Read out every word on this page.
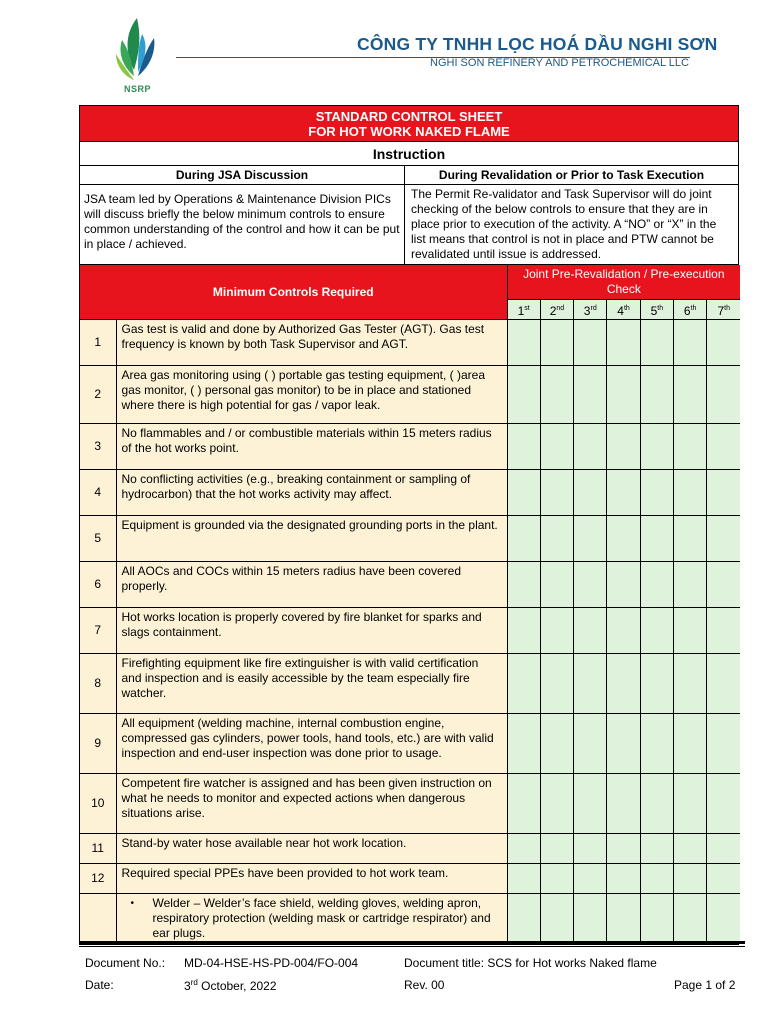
NSRP
CÔNG TY TNHH LỌC HOÁ DẦU NGHI SƠN
NGHI SON REFINERY AND PETROCHEMICAL LLC
STANDARD CONTROL SHEET
FOR HOT WORK NAKED FLAME
Instruction
During JSA Discussion	During Revalidation or Prior to Task Execution
JSA team led by Operations & Maintenance Division PICs will discuss briefly the below minimum controls to ensure common understanding of the control and how it can be put in place / achieved.
The Permit Re-validator and Task Supervisor will do joint checking of the below controls to ensure that they are in place prior to execution of the activity. A “NO” or “X” in the list means that control is not in place and PTW cannot be revalidated until issue is addressed.
Minimum Controls Required		Joint Pre-Revalidation / Pre-execution Check						
		1st	2nd	3rd	4th	5th	6th	7th
1	Gas test is valid and done by Authorized Gas Tester (AGT). Gas test frequency is known by both Task Supervisor and AGT.							
2	Area gas monitoring using ( ) portable gas testing equipment, ( )area gas monitor, ( ) personal gas monitor) to be in place and stationed where there is high potential for gas / vapor leak.							
3	No flammables and / or combustible materials within 15 meters radius of the hot works point.							
4	No conflicting activities (e.g., breaking containment or sampling of hydrocarbon) that the hot works activity may affect.							
5	Equipment is grounded via the designated grounding ports in the plant.							
6	All AOCs and COCs within 15 meters radius have been covered properly.							
7	Hot works location is properly covered by fire blanket for sparks and slags containment.							
8	Firefighting equipment like fire extinguisher is with valid certification and inspection and is easily accessible by the team especially fire watcher.							
9	All equipment (welding machine, internal combustion engine, compressed gas cylinders, power tools, hand tools, etc.) are with valid inspection and end-user inspection was done prior to usage.							
10	Competent fire watcher is assigned and has been given instruction on what he needs to monitor and expected actions when dangerous situations arise.							
11	Stand-by water hose available near hot work location.							
12	Required special PPEs have been provided to hot work team.							

	• Welder – Welder’s face shield, welding gloves, welding apron, respiratory protection (welding mask or cartridge respirator) and ear plugs.							

Document No.: MD-04-HSE-HS-PD-004/FO-004	Document title: SCS for Hot works Naked flame
Date:	3rd October, 2022	Rev. 00	Page 1 of 2
